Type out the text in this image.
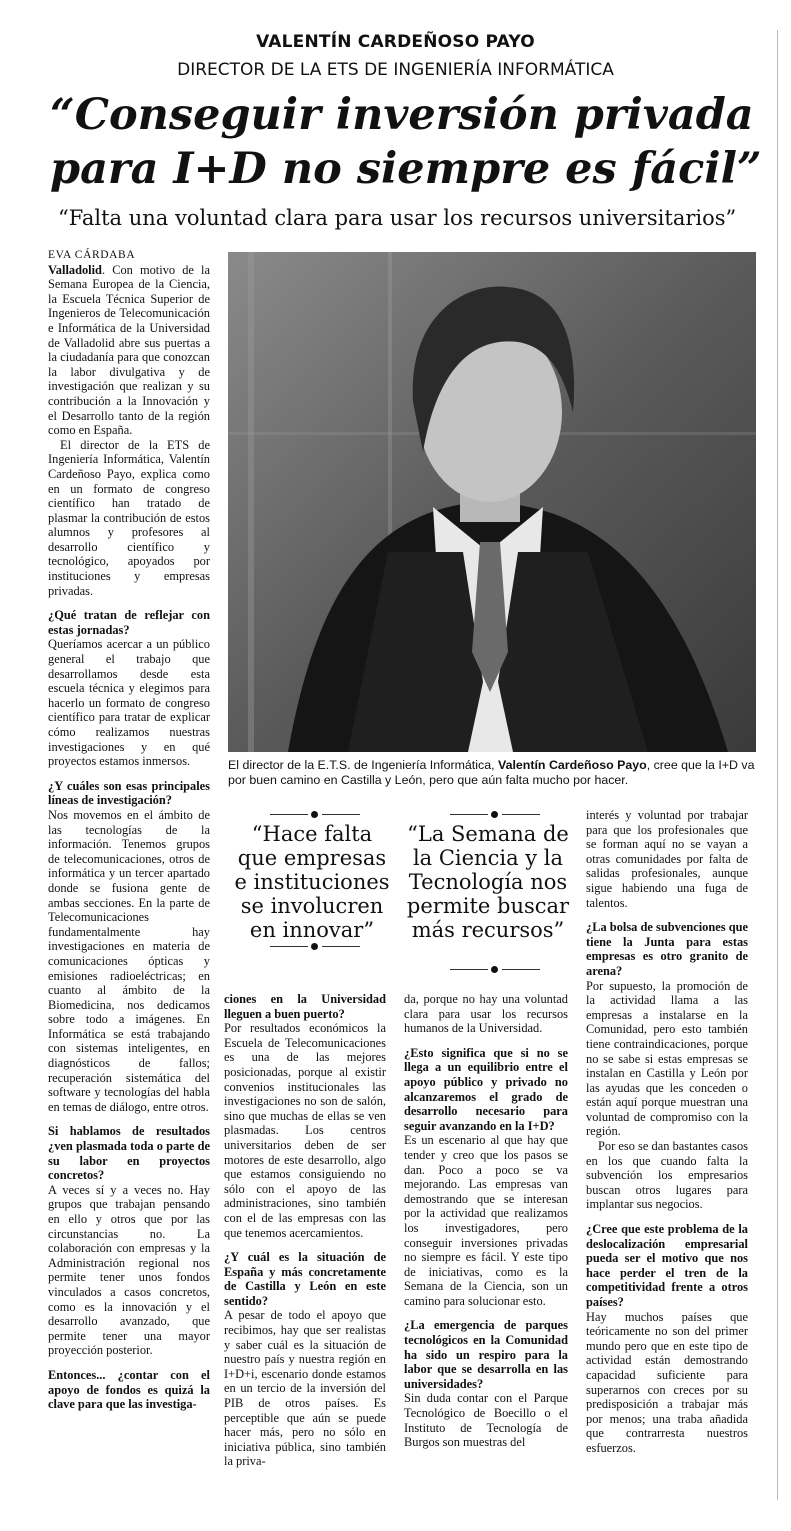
VALENTÍN CARDEÑOSO PAYO
DIRECTOR DE LA ETS DE INGENIERÍA INFORMÁTICA
“Conseguir inversión privada para I+D no siempre es fácil”
“Falta una voluntad clara para usar los recursos universitarios”
EVA CÁRDABA

Valladolid. Con motivo de la Semana Europea de la Ciencia, la Escuela Técnica Superior de Ingenieros de Telecomunicación e Informática de la Universidad de Valladolid abre sus puertas a la ciudadanía para que conozcan la labor divulgativa y de investigación que realizan y su contribución a la Innovación y el Desarrollo tanto de la región como en España.

El director de la ETS de Ingeniería Informática, Valentín Cardeñoso Payo, explica como en un formato de congreso científico han tratado de plasmar la contribución de estos alumnos y profesores al desarrollo científico y tecnológico, apoyados por instituciones y empresas privadas.

¿Qué tratan de reflejar con estas jornadas?

Queríamos acercar a un público general el trabajo que desarrollamos desde esta escuela técnica y elegimos para hacerlo un formato de congreso científico para tratar de explicar cómo realizamos nuestras investigaciones y en qué proyectos estamos inmersos.

¿Y cuáles son esas principales líneas de investigación?

Nos movemos en el ámbito de las tecnologías de la información. Tenemos grupos de telecomunicaciones, otros de informática y un tercer apartado donde se fusiona gente de ambas secciones. En la parte de Telecomunicaciones fundamentalmente hay investigaciones en materia de comunicaciones ópticas y emisiones radioeléctricas; en cuanto al ámbito de la Biomedicina, nos dedicamos sobre todo a imágenes. En Informática se está trabajando con sistemas inteligentes, en diagnósticos de fallos; recuperación sistemática del software y tecnologías del habla en temas de diálogo, entre otros.

Si hablamos de resultados ¿ven plasmada toda o parte de su labor en proyectos concretos?

A veces sí y a veces no. Hay grupos que trabajan pensando en ello y otros que por las circunstancias no. La colaboración con empresas y la Administración regional nos permite tener unos fondos vinculados a casos concretos, como es la innovación y el desarrollo avanzado, que permite tener una mayor proyección posterior.

Entonces... ¿contar con el apoyo de fondos es quizá la clave para que las investiga-

El director de la E.T.S. de Ingeniería Informática, Valentín Cardeñoso Payo, cree que la I+D va por buen camino en Castilla y León, pero que aún falta mucho por hacer.
“Hace falta que empresas e instituciones se involucren en innovar”
“La Semana de la Ciencia y la Tecnología nos permite buscar más recursos”

ciones en la Universidad lleguen a buen puerto?

Por resultados económicos la Escuela de Telecomunicaciones es una de las mejores posicionadas, porque al existir convenios institucionales las investigaciones no son de salón, sino que muchas de ellas se ven plasmadas. Los centros universitarios deben de ser motores de este desarrollo, algo que estamos consiguiendo no sólo con el apoyo de las administraciones, sino también con el de las empresas con las que tenemos acercamientos.

¿Y cuál es la situación de España y más concretamente de Castilla y León en este sentido?

A pesar de todo el apoyo que recibimos, hay que ser realistas y saber cuál es la situación de nuestro país y nuestra región en I+D+i, escenario donde estamos en un tercio de la inversión del PIB de otros países. Es perceptible que aún se puede hacer más, pero no sólo en iniciativa pública, sino también la priva-

da, porque no hay una voluntad clara para usar los recursos humanos de la Universidad.

¿Esto significa que si no se llega a un equilibrio entre el apoyo público y privado no alcanzaremos el grado de desarrollo necesario para seguir avanzando en la I+D?

Es un escenario al que hay que tender y creo que los pasos se dan. Poco a poco se va mejorando. Las empresas van demostrando que se interesan por la actividad que realizamos los investigadores, pero conseguir inversiones privadas no siempre es fácil. Y este tipo de iniciativas, como es la Semana de la Ciencia, son un camino para solucionar esto.

¿La emergencia de parques tecnológicos en la Comunidad ha sido un respiro para la labor que se desarrolla en las universidades?

Sin duda contar con el Parque Tecnológico de Boecillo o el Instituto de Tecnología de Burgos son muestras del

interés y voluntad por trabajar para que los profesionales que se forman aquí no se vayan a otras comunidades por falta de salidas profesionales, aunque sigue habiendo una fuga de talentos.

¿La bolsa de subvenciones que tiene la Junta para estas empresas es otro granito de arena?

Por supuesto, la promoción de la actividad llama a las empresas a instalarse en la Comunidad, pero esto también tiene contraindicaciones, porque no se sabe si estas empresas se instalan en Castilla y León por las ayudas que les conceden o están aquí porque muestran una voluntad de compromiso con la región.

Por eso se dan bastantes casos en los que cuando falta la subvención los empresarios buscan otros lugares para implantar sus negocios.

¿Cree que este problema de la deslocalización empresarial pueda ser el motivo que nos hace perder el tren de la competitividad frente a otros países?

Hay muchos países que teóricamente no son del primer mundo pero que en este tipo de actividad están demostrando capacidad suficiente para superarnos con creces por su predisposición a trabajar más por menos; una traba añadida que contrarresta nuestros esfuerzos.
